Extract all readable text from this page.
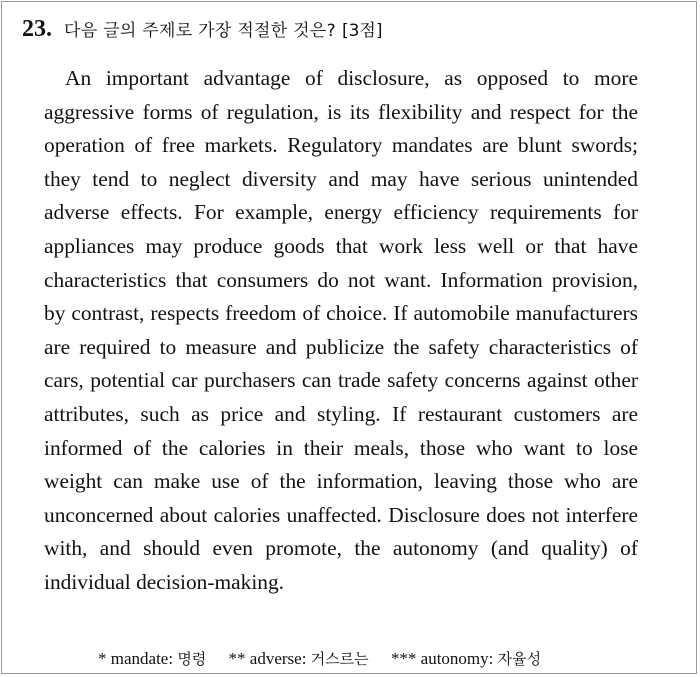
23. 다음 글의 주제로 가장 적절한 것은? [3점]

An important advantage of disclosure, as opposed to more aggressive forms of regulation, is its flexibility and respect for the operation of free markets. Regulatory mandates are blunt swords; they tend to neglect diversity and may have serious unintended adverse effects. For example, energy efficiency requirements for appliances may produce goods that work less well or that have characteristics that consumers do not want. Information provision, by contrast, respects freedom of choice. If automobile manufacturers are required to measure and publicize the safety characteristics of cars, potential car purchasers can trade safety concerns against other attributes, such as price and styling. If restaurant customers are informed of the calories in their meals, those who want to lose weight can make use of the information, leaving those who are unconcerned about calories unaffected. Disclosure does not interfere with, and should even promote, the autonomy (and quality) of individual decision-making.

* mandate: 명령 ** adverse: 거스르는 *** autonomy: 자율성
